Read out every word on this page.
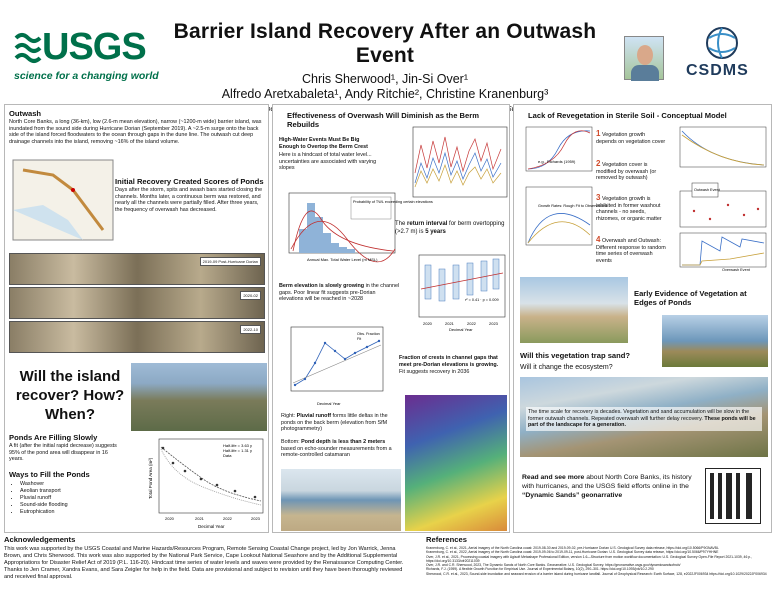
USGS
science for a changing world
Barrier Island Recovery After an Outwash Event
Chris Sherwood¹, Jin-Si Over¹
Alfredo Aretxabaleta¹, Andy Ritchie², Christine Kranenburg³
CSDMS
Outwash
North Core Banks, a long (36-km), low (2.6-m mean elevation), narrow (~1200-m wide) barrier island, was inundated from the sound side during Hurricane Dorian (September 2019). A ~2.5-m surge onto the back side of the island forced floodwaters to the ocean through gaps in the dune line. The outwash cut deep drainage channels into the island, removing ~16% of the island volume.
Initial Recovery Created Scores of Ponds
Days after the storm, spits and swash bars started closing the channels. Months later, a continuous berm was restored, and nearly all the channels were partially filled. After three years, the frequency of overwash has decreased.
2019-09 Post-Hurricane Dorian
2020-02
2022-10
Will the island recover? How? When?
Ponds Are Filling Slowly
A fit (after the initial rapid decrease) suggests 95% of the pond area will disappear in 16 years.
Ways to Fill the Ponds
• Washover
• Aeolian transport
• Pluvial runoff
• Sound-side flooding
• Eutrophication
Half-life = 3.63 y
Half-life = 1.31 y
Data
2020	2021	2022	2023
Decimal Year
Total Pond Area (m²)
Effectiveness of Overwash Will Diminish as the Berm Rebuilds
High-Water Events Must Be Big Enough to Overtop the Berm Crest
Here is a hindcast of total water level... uncertainties are associated with varying slopes
Probability of TWL exceeding certain elevations
Annual Max. Total Water Level (m MSL)
The return interval for berm overtopping (>2.7 m) is 5 years
r² = 0.41 · p = 0.009
2020	2021	2022	2023
Decimal Year
Berm elevation is slowly growing in the channel gaps. Poor linear fit suggests pre-Dorian elevations will be reached in ~2028
Obs. Fraction
Fit
Decimal Year
Fraction of crests in channel gaps that meet pre-Dorian elevations is growing.
Fit suggests recovery in 2036
Right: Pluvial runoff forms little deltas in the ponds on the back berm (elevation from SfM photogrammetry)
Bottom: Pond depth is less than 2 meters based on echo-sounder measurements from a remote-controlled catamaran
Lack of Revegetation in Sterile Soil - Conceptual Model
e.g., Richards (1959)
Growth Rates: Rough Fit to Observations
1 Vegetation growth depends on vegetation cover
2 Vegetation cover is modified by overwash (or removed by outwash)
3 Vegetation growth is inhibited in former washout channels - no seeds, rhizomes, or organic matter
4 Overwash and Outwash: Different response to random time series of overwash events
Outwash Event
Overwash Event
Early Evidence of Vegetation at Edges of Ponds
Will this vegetation trap sand?
Will it change the ecosystem?
The time scale for recovery is decades. Vegetation and sand accumulation will be slow in the former outwash channels. Repeated overwash will further delay recovery. These ponds will be part of the landscape for a generation.
Read and see more about North Core Banks, its history with hurricanes, and the USGS field efforts online in the “Dynamic Sands” geonarrative
Acknowledgements
This work was supported by the USGS Coastal and Marine Hazards/Resources Program, Remote Sensing Coastal Change project, led by Jon Warrick, Jenna Brown, and Chris Sherwood. This work was also supported by the National Park Service, Cape Lookout National Seashore and by the Additional Supplemental Appropriations for Disaster Relief Act of 2019 (P.L. 116-20). Hindcast time series of water levels and waves were provided by the Renaissance Computing Center. Thanks to Jen Cramer, Xandra Evans, and Sara Zeigler for help in the field. Data are provisional and subject to revision until they have been thoroughly reviewed and received final approval.
References
Kranenburg, C. et al., 2021, Aerial imagery of the North Carolina coast: 2019-08-30 and 2019-09-02, pre-Hurricane Dorian U.S. Geological Survey data release, https://doi.org/10.5066/P9GNAVBL
Kranenburg, C. et al., 2022, Aerial imagery of the North Carolina coast: 2019-09-06 to 2019-09-11, post-Hurricane Dorian: U.S. Geological Survey data release, https://doi.org/10.5066/P97YHHNE
Over, J.R. et al., 2021, Processing coastal imagery with Agisoft Metashape Professional Edition, version 1.6—Structure from motion workflow documentation: U.S. Geological Survey Open-File Report 2021-1039, 46 p., https://doi.org/10.3133/ofr20211039
Over, J.R. and C.R. Sherwood, 2023, The Dynamic Sands of North Core Banks. Geonarrative. U.S. Geological Survey. https://geonarrative.usgs.gov/dynamicsandsofncb/
Richards, F.J. (1959). A flexible Growth Function for Empirical Use. Journal of Experimental Botany, 10(2), 290–301. https://doi.org/10.1093/jxb/10.2.290
Sherwood, C.R. et al., 2023, Sound-side inundation and seaward erosion of a barrier island during hurricane landfall. Journal of Geophysical Research: Earth Surface, 128, e2022JF006934 https://doi.org/10.1029/2022JF006934
